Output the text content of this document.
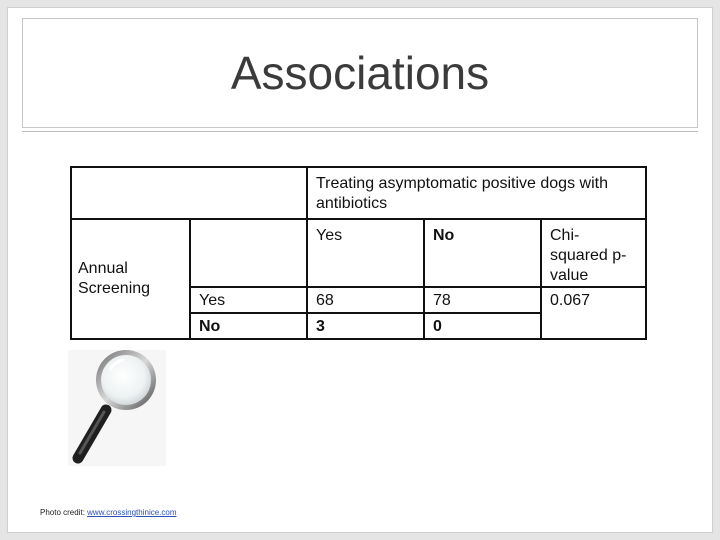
Associations

		Treating asymptomatic positive dogs with antibiotics		

Annual Screening		Yes	No	Chi-squared p-value

	Yes	68	78	0.067

	No	3	0	
Photo credit: www.crossingthinice.com
